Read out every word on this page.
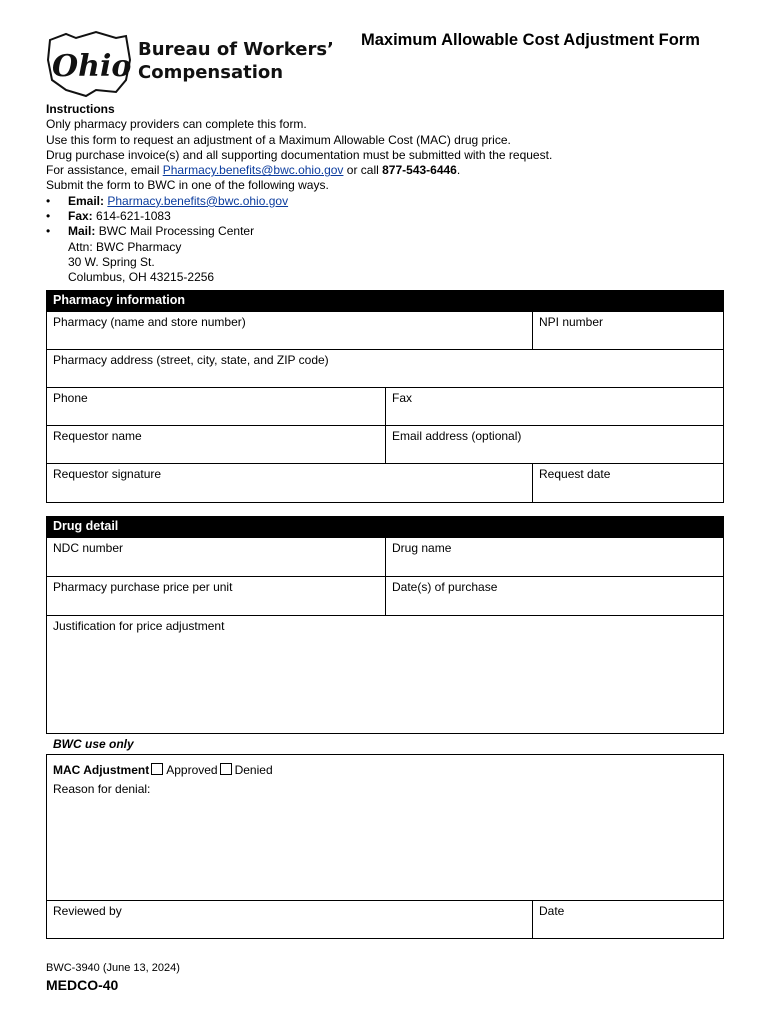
Ohio Bureau of Workers’
Compensation
Maximum Allowable Cost Adjustment Form
Instructions
Only pharmacy providers can complete this form.
Use this form to request an adjustment of a Maximum Allowable Cost (MAC) drug price.
Drug purchase invoice(s) and all supporting documentation must be submitted with the request.
For assistance, email Pharmacy.benefits@bwc.ohio.gov or call 877-543-6446.
Submit the form to BWC in one of the following ways.
• Email: Pharmacy.benefits@bwc.ohio.gov
• Fax: 614-621-1083
• Mail: BWC Mail Processing Center
Attn: BWC Pharmacy
30 W. Spring St.
Columbus, OH 43215-2256
Pharmacy information
Pharmacy (name and store number)	NPI number
Pharmacy address (street, city, state, and ZIP code)
Phone	Fax
Requestor name	Email address (optional)
Requestor signature	Request date
Drug detail
NDC number	Drug name
Pharmacy purchase price per unit	Date(s) of purchase
Justification for price adjustment
BWC use only
MAC Adjustment Approved Denied
Reason for denial:
Reviewed by	Date
BWC-3940 (June 13, 2024)
MEDCO-40
